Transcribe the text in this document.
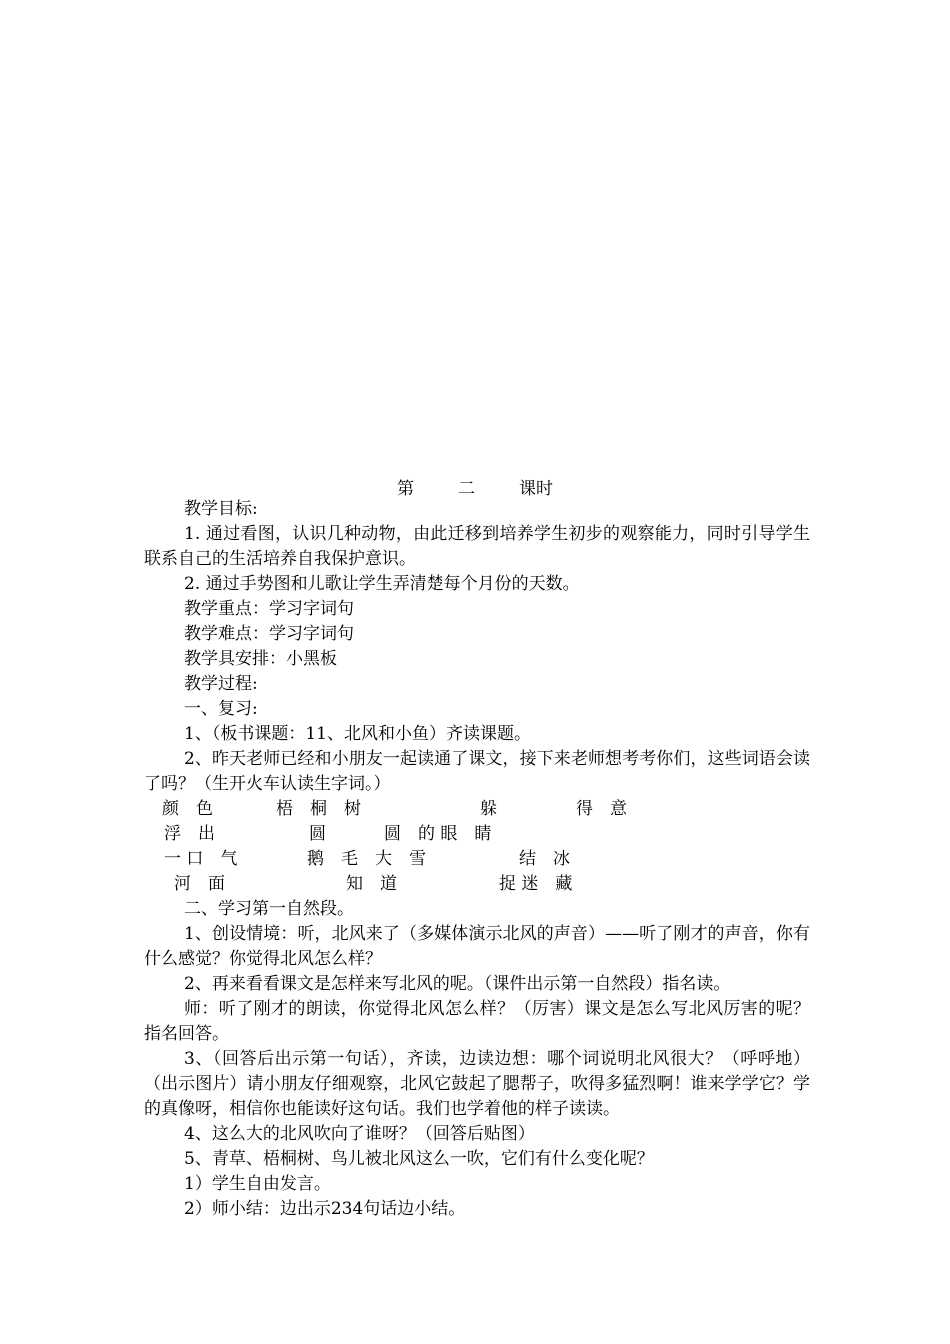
第	二	课时

教学目标:

1. 通过看图，认识几种动物，由此迁移到培养学生初步的观察能力，同时引导学生联系自己的生活培养自我保护意识。

2. 通过手势图和儿歌让学生弄清楚每个月份的天数。

教学重点：学习字词句

教学难点：学习字词句

教学具安排：小黑板

教学过程:

一、复习:

1、（板书课题：11、北风和小鱼）齐读课题。

2、昨天老师已经和小朋友一起读通了课文，接下来老师想考考你们，这些词语会读了吗？（生开火车认读生字词。）

颜　色	梧　桐　树	躲	得　意
浮　出	圆	圆　的 眼　睛
一 口　气	鹅　毛　大　雪	结　冰
河　面	知　道	捉 迷　藏

二、学习第一自然段。

1、创设情境：听，北风来了（多媒体演示北风的声音）——听了刚才的声音，你有什么感觉？你觉得北风怎么样？

2、再来看看课文是怎样来写北风的呢。（课件出示第一自然段）指名读。

师：听了刚才的朗读，你觉得北风怎么样？（厉害）课文是怎么写北风厉害的呢？指名回答。

3、（回答后出示第一句话），齐读，边读边想：哪个词说明北风很大？（呼呼地）（出示图片）请小朋友仔细观察，北风它鼓起了腮帮子，吹得多猛烈啊！谁来学学它？学的真像呀，相信你也能读好这句话。我们也学着他的样子读读。

4、这么大的北风吹向了谁呀？（回答后贴图）

5、青草、梧桐树、鸟儿被北风这么一吹，它们有什么变化呢？

1）学生自由发言。

2）师小结：边出示234句话边小结。
